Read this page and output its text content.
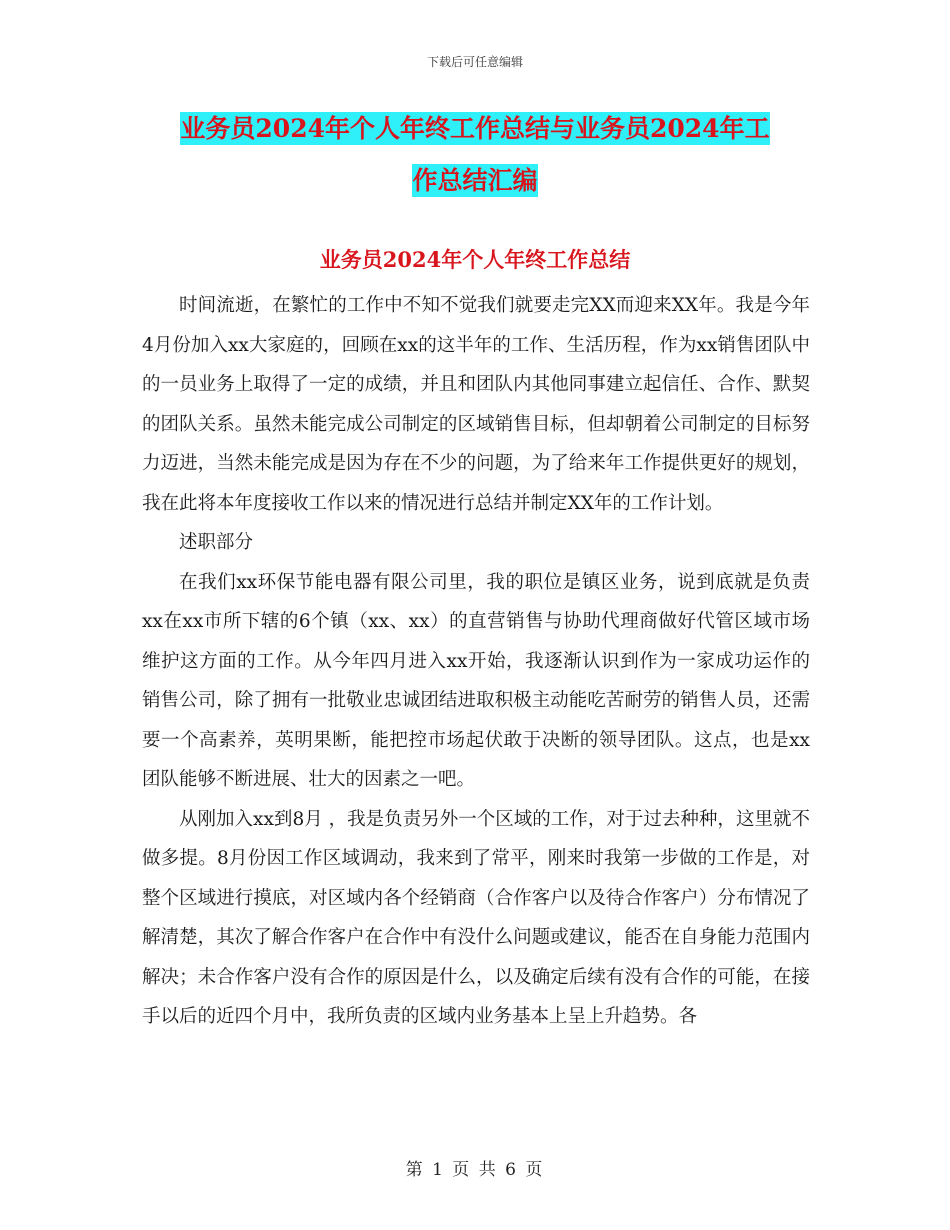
下载后可任意编辑
业务员2024年个人年终工作总结与业务员2024年工
作总结汇编
业务员2024年个人年终工作总结

时间流逝，在繁忙的工作中不知不觉我们就要走完XX而迎来XX年。我是今年4月份加入xx大家庭的，回顾在xx的这半年的工作、生活历程，作为xx销售团队中的一员业务上取得了一定的成绩，并且和团队内其他同事建立起信任、合作、默契的团队关系。虽然未能完成公司制定的区域销售目标，但却朝着公司制定的目标努力迈进，当然未能完成是因为存在不少的问题，为了给来年工作提供更好的规划，我在此将本年度接收工作以来的情况进行总结并制定XX年的工作计划。

述职部分

在我们xx环保节能电器有限公司里，我的职位是镇区业务，说到底就是负责xx在xx市所下辖的6个镇（xx、xx）的直营销售与协助代理商做好代管区域市场维护这方面的工作。从今年四月进入xx开始，我逐渐认识到作为一家成功运作的销售公司，除了拥有一批敬业忠诚团结进取积极主动能吃苦耐劳的销售人员，还需要一个高素养，英明果断，能把控市场起伏敢于决断的领导团队。这点，也是xx团队能够不断进展、壮大的因素之一吧。

从刚加入xx到8月 ，我是负责另外一个区域的工作，对于过去种种，这里就不做多提。8月份因工作区域调动，我来到了常平，刚来时我第一步做的工作是，对整个区域进行摸底，对区域内各个经销商（合作客户以及待合作客户）分布情况了解清楚，其次了解合作客户在合作中有没什么问题或建议，能否在自身能力范围内解决；未合作客户没有合作的原因是什么，以及确定后续有没有合作的可能，在接手以后的近四个月中，我所负责的区域内业务基本上呈上升趋势。各

第 1 页 共 6 页
